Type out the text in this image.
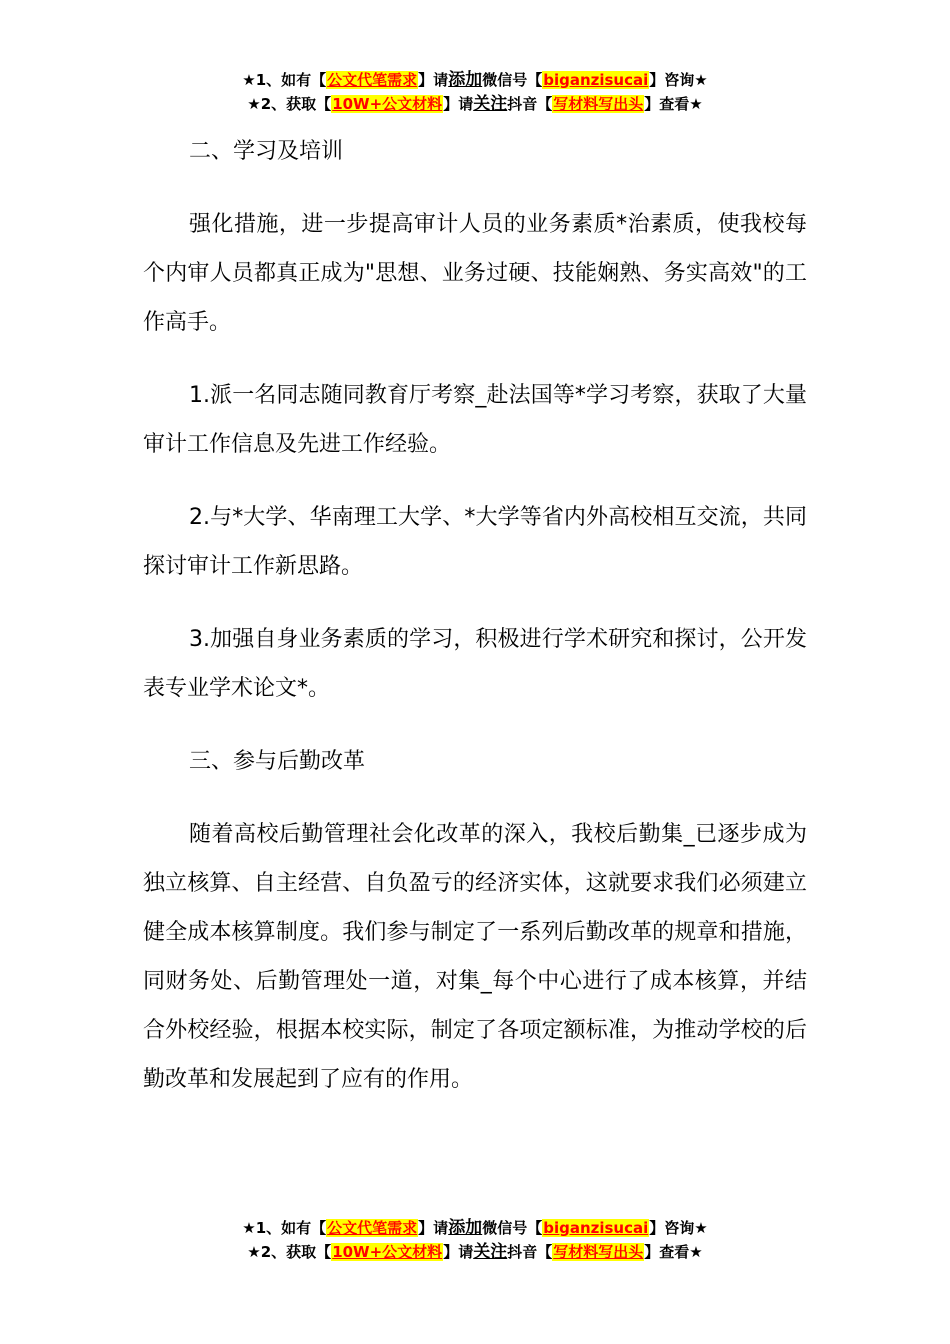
★1、如有【公文代笔需求】请添加微信号【biganzisucai】咨询★
★2、获取【10W+公文材料】请关注抖音【写材料写出头】查看★

二、学习及培训

强化措施，进一步提高审计人员的业务素质*治素质，使我校每个内审人员都真正成为"思想、业务过硬、技能娴熟、务实高效"的工作高手。

1.派一名同志随同教育厅考察_赴法国等*学习考察，获取了大量审计工作信息及先进工作经验。

2.与*大学、华南理工大学、*大学等省内外高校相互交流，共同探讨审计工作新思路。

3.加强自身业务素质的学习，积极进行学术研究和探讨，公开发表专业学术论文*。

三、参与后勤改革

随着高校后勤管理社会化改革的深入，我校后勤集_已逐步成为独立核算、自主经营、自负盈亏的经济实体，这就要求我们必须建立健全成本核算制度。我们参与制定了一系列后勤改革的规章和措施，同财务处、后勤管理处一道，对集_每个中心进行了成本核算，并结合外校经验，根据本校实际，制定了各项定额标准，为推动学校的后勤改革和发展起到了应有的作用。

★1、如有【公文代笔需求】请添加微信号【biganzisucai】咨询★
★2、获取【10W+公文材料】请关注抖音【写材料写出头】查看★
